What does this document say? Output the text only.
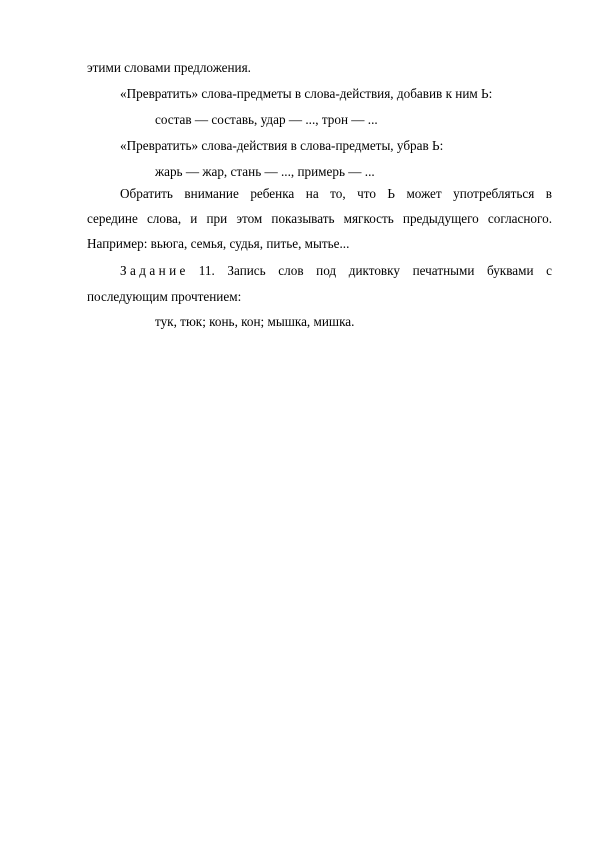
этими словами предложения.
«Превратить» слова-предметы в слова-действия, добавив к ним Ь:
состав — составь, удар — ..., трон — ...
«Превратить» слова-действия в слова-предметы, убрав Ь:
жарь — жар, стань — ..., примерь — ...
Обратить внимание ребенка на то, что Ь может употребляться в
середине слова, и при этом показывать мягкость предыдущего согласного.
Например: вьюга, семья, судья, питье, мытье...
Задание 11. Запись слов под диктовку печатными буквами с
последующим прочтением:
тук, тюк; конь, кон; мышка, мишка.
